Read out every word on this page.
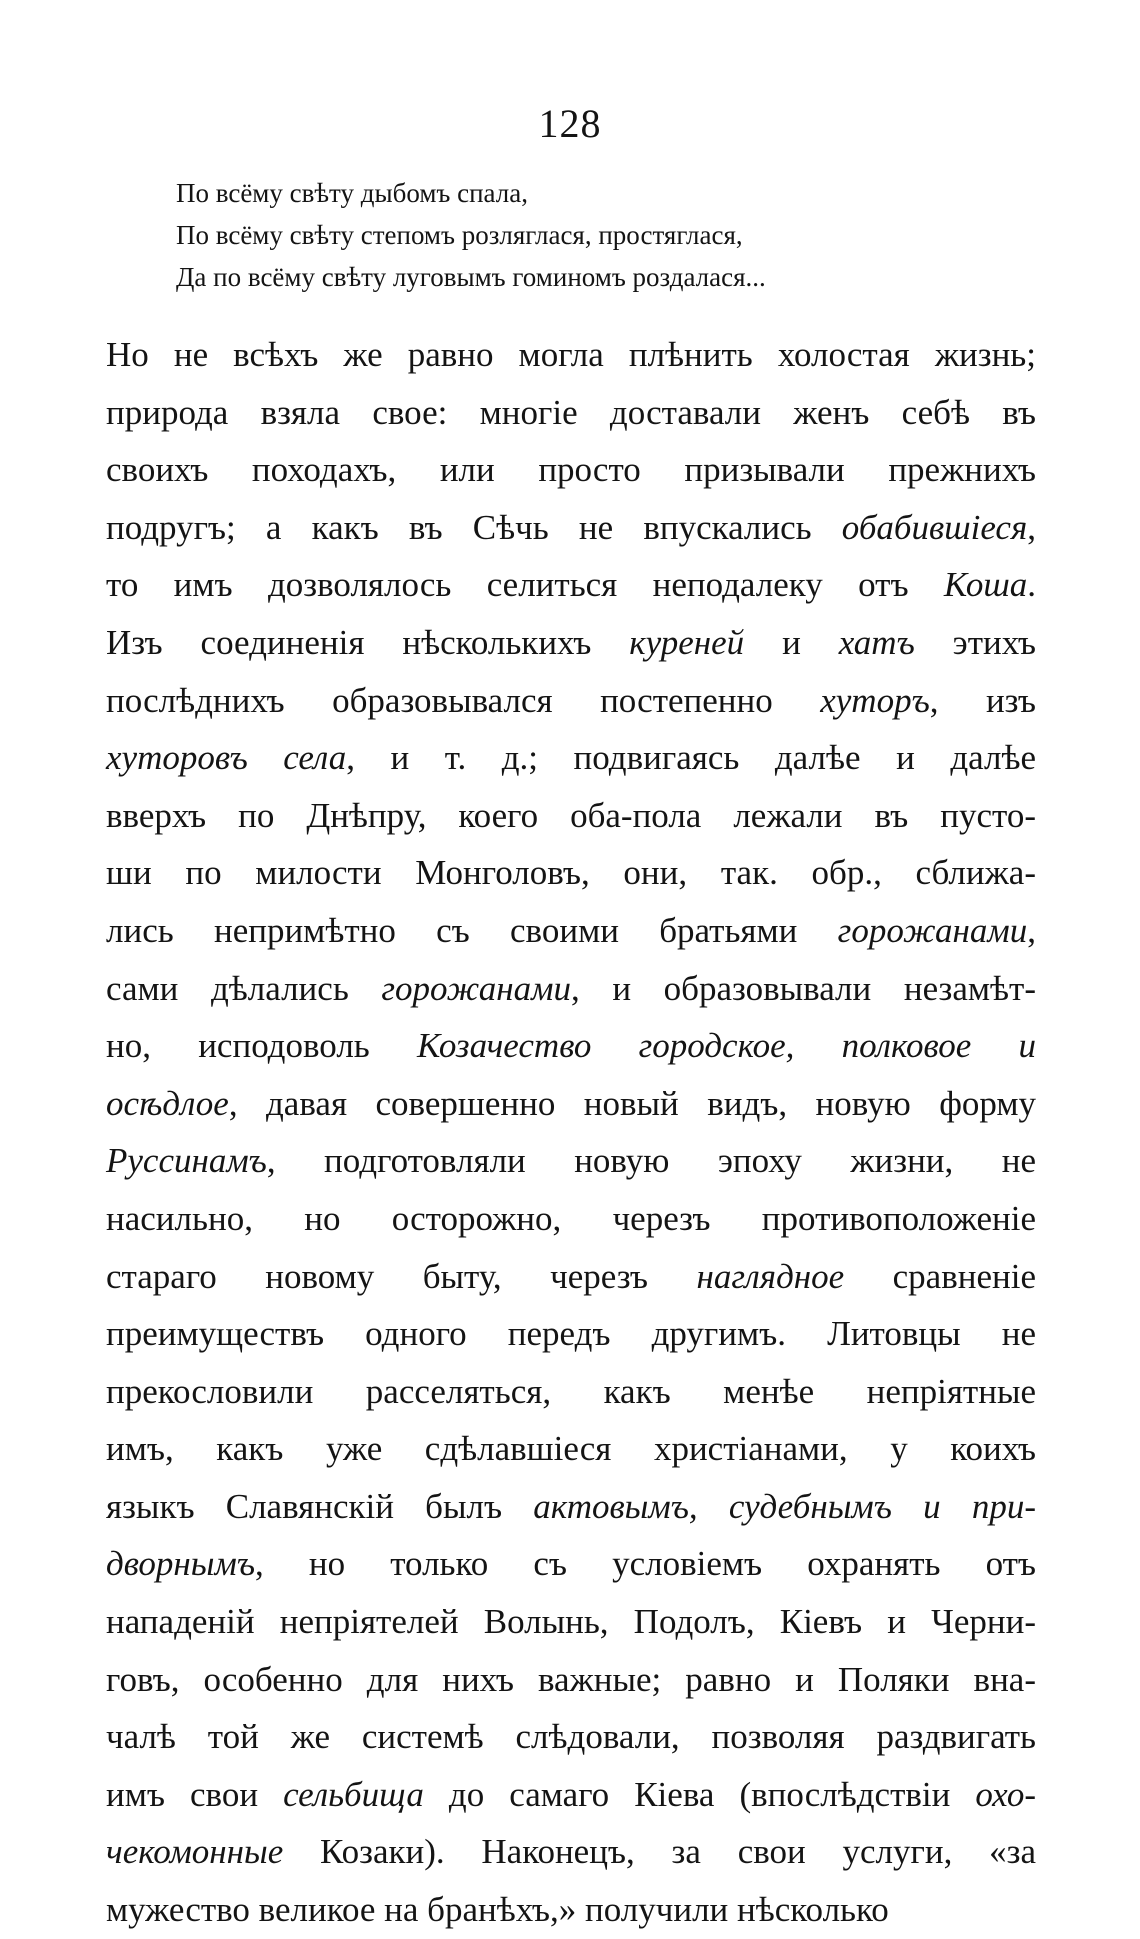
128
По всёму свѣту дыбомъ спала,
По всёму свѣту степомъ розляглася, простяглася,
Да по всёму свѣту луговымъ гоминомъ роздалася...
Но не всѣхъ же равно могла плѣнить холостая жизнь;
природа взяла свое: многіе доставали женъ себѣ въ
своихъ походахъ, или просто призывали прежнихъ
подругъ; а какъ въ Сѣчь не впускались обабившіеся,
то имъ дозволялось селиться неподалеку отъ Коша.
Изъ соединенія нѣсколькихъ куреней и хатъ этихъ
послѣднихъ образовывался постепенно хуторъ, изъ
хуторовъ села, и т. д.; подвигаясь далѣе и далѣе
вверхъ по Днѣпру, коего оба-пола лежали въ пусто-
ши по милости Монголовъ, они, так. обр., сближа-
лись непримѣтно съ своими братьями горожанами,
сами дѣлались горожанами, и образовывали незамѣт-
но, исподоволь Козачество городское, полковое и
осѣдлое, давая совершенно новый видъ, новую форму
Руссинамъ, подготовляли новую эпоху жизни, не
насильно, но осторожно, черезъ противоположеніе
стараго новому быту, черезъ наглядное сравненіе
преимуществъ одного передъ другимъ. Литовцы не
прекословили расселяться, какъ менѣе непріятные
имъ, какъ уже сдѣлавшіеся христіанами, у коихъ
языкъ Славянскій былъ актовымъ, судебнымъ и при-
дворнымъ, но только съ условіемъ охранять отъ
нападеній непріятелей Волынь, Подолъ, Кіевъ и Черни-
говъ, особенно для нихъ важные; равно и Поляки вна-
чалѣ той же системѣ слѣдовали, позволяя раздвигать
имъ свои сельбища до самаго Кіева (впослѣдствіи охо-
чекомонные Козаки). Наконецъ, за свои услуги, «за
мужество великое на бранѣхъ,» получили нѣсколько
